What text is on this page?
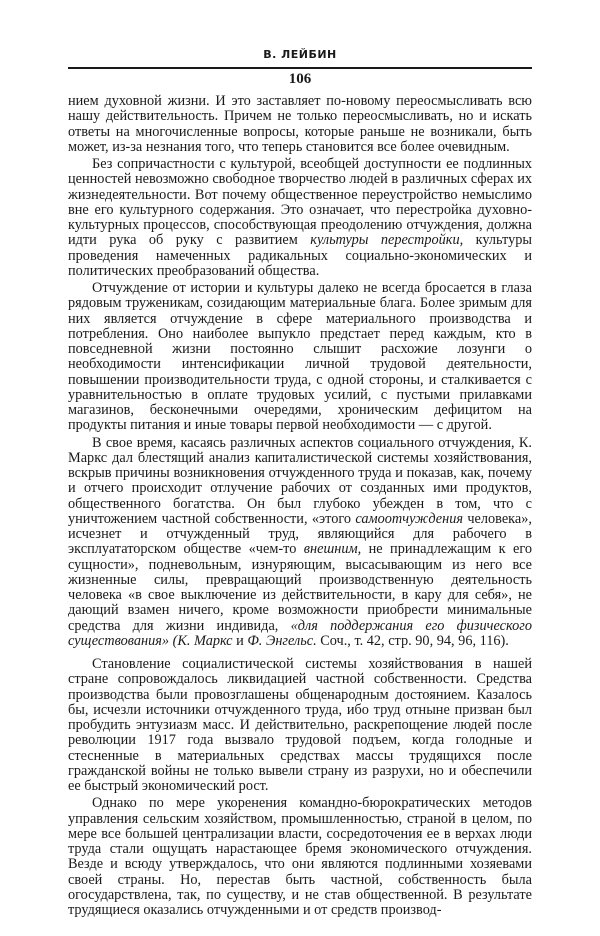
В. ЛЕЙБИН
106

нием духовной жизни. И это заставляет по-новому переосмысливать всю нашу действительность. Причем не только переосмысливать, но и искать ответы на многочисленные вопросы, которые раньше не возникали, быть может, из-за незнания того, что теперь становится все более очевидным.

Без сопричастности с культурой, всеобщей доступности ее подлинных ценностей невозможно свободное творчество людей в различных сферах их жизнедеятельности. Вот почему общественное переустройство немыслимо вне его культурного содержания. Это означает, что перестройка духовно-культурных процессов, способствующая преодолению отчуждения, должна идти рука об руку с развитием культуры перестройки, культуры проведения намеченных радикальных социально-экономических и политических преобразований общества.

Отчуждение от истории и культуры далеко не всегда бросается в глаза рядовым труженикам, созидающим материальные блага. Более зримым для них является отчуждение в сфере материального производства и потребления. Оно наиболее выпукло предстает перед каждым, кто в повседневной жизни постоянно слышит расхожие лозунги о необходимости интенсификации личной трудовой деятельности, повышении производительности труда, с одной стороны, и сталкивается с уравнительностью в оплате трудовых усилий, с пустыми прилавками магазинов, бесконечными очередями, хроническим дефицитом на продукты питания и иные товары первой необходимости — с другой.

В свое время, касаясь различных аспектов социального отчуждения, К. Маркс дал блестящий анализ капиталистической системы хозяйствования, вскрыв причины возникновения отчужденного труда и показав, как, почему и отчего происходит отлучение рабочих от созданных ими продуктов, общественного богатства. Он был глубоко убежден в том, что с уничтожением частной собственности, «этого самоотчуждения человека», исчезнет и отчужденный труд, являющийся для рабочего в эксплуататорском обществе «чем-то внешним, не принадлежащим к его сущности», подневольным, изнуряющим, высасывающим из него все жизненные силы, превращающий производственную деятельность человека «в свое выключение из действительности, в кару для себя», не дающий взамен ничего, кроме возможности приобрести минимальные средства для жизни индивида, «для поддержания его физического существования» (К. Маркс и Ф. Энгельс. Соч., т. 42, стр. 90, 94, 96, 116).

Становление социалистической системы хозяйствования в нашей стране сопровождалось ликвидацией частной собственности. Средства производства были провозглашены общенародным достоянием. Казалось бы, исчезли источники отчужденного труда, ибо труд отныне призван был пробудить энтузиазм масс. И действительно, раскрепощение людей после революции 1917 года вызвало трудовой подъем, когда голодные и стесненные в материальных средствах массы трудящихся после гражданской войны не только вывели страну из разрухи, но и обеспечили ее быстрый экономический рост.

Однако по мере укоренения командно-бюрократических методов управления сельским хозяйством, промышленностью, страной в целом, по мере все большей централизации власти, сосредоточения ее в верхах люди труда стали ощущать нарастающее бремя экономического отчуждения. Везде и всюду утверждалось, что они являются подлинными хозяевами своей страны. Но, перестав быть частной, собственность была огосударствлена, так, по существу, и не став общественной. В результате трудящиеся оказались отчужденными и от средств производ-
